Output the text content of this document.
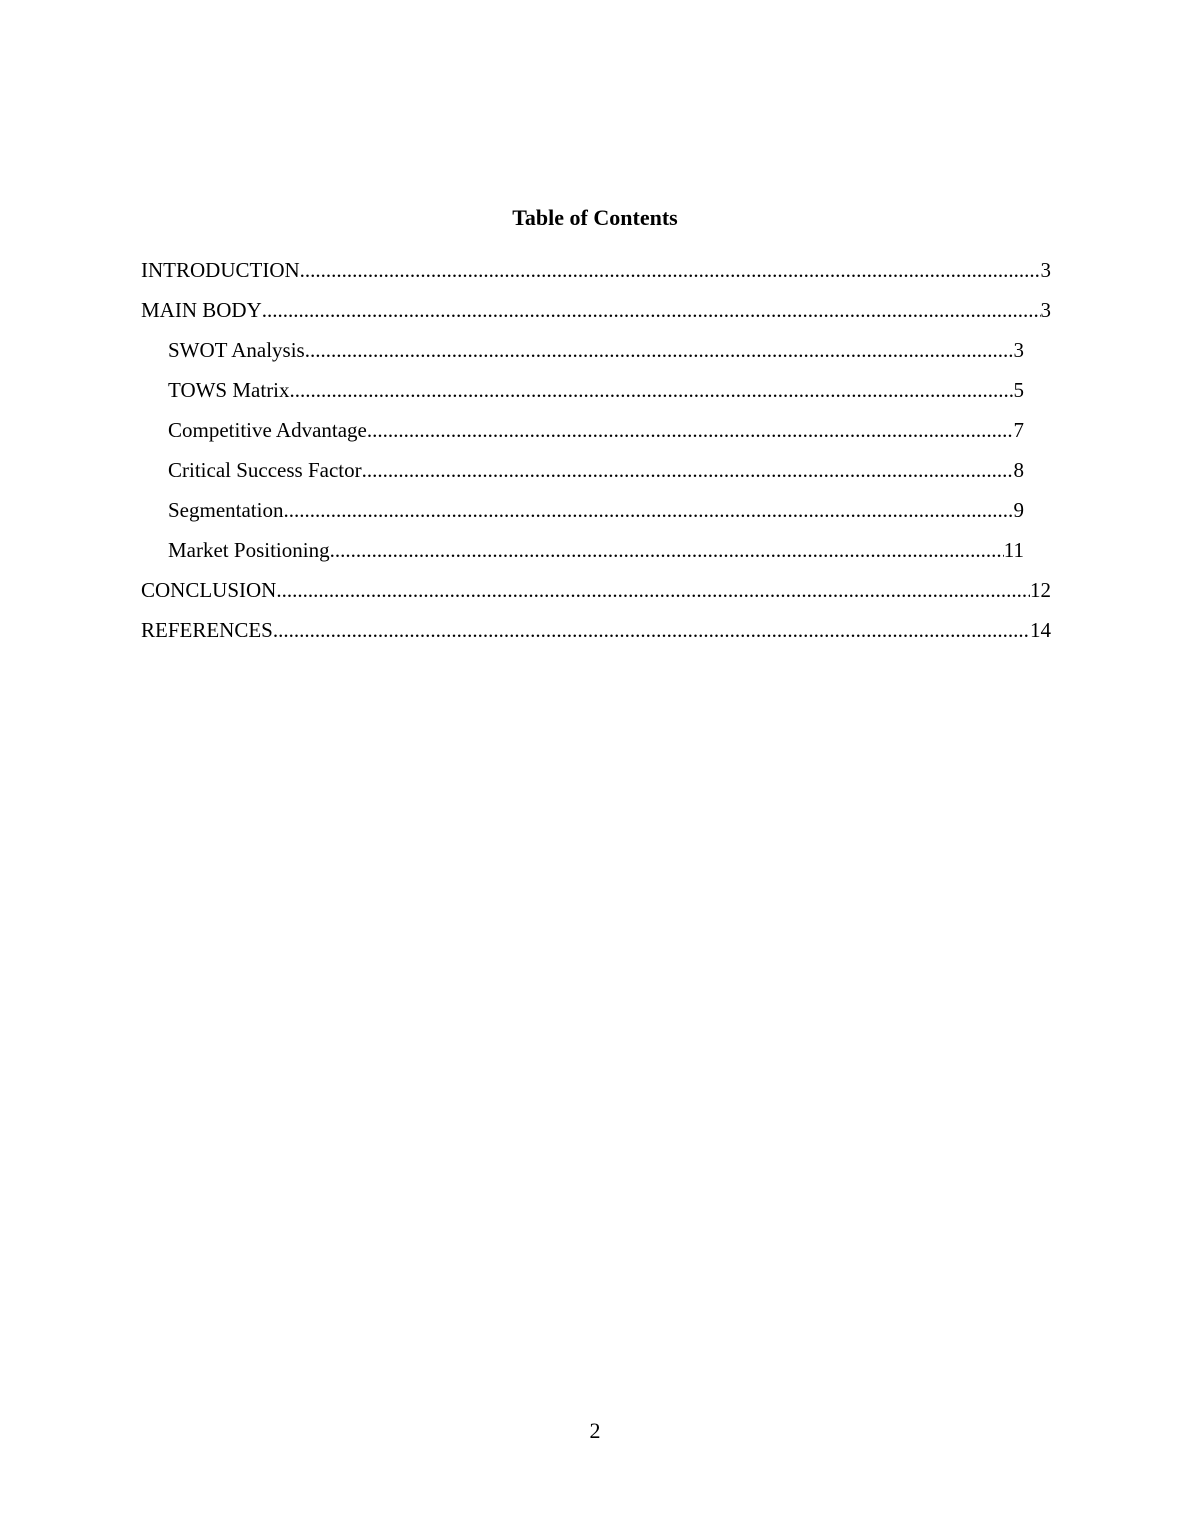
Table of Contents
INTRODUCTION .....	3
MAIN BODY .....	3
SWOT Analysis .....	3
TOWS Matrix .....	5
Competitive Advantage .....	7
Critical Success Factor .....	8
Segmentation .....	9
Market Positioning .....	11
CONCLUSION .....	12
REFERENCES .....	14
2
